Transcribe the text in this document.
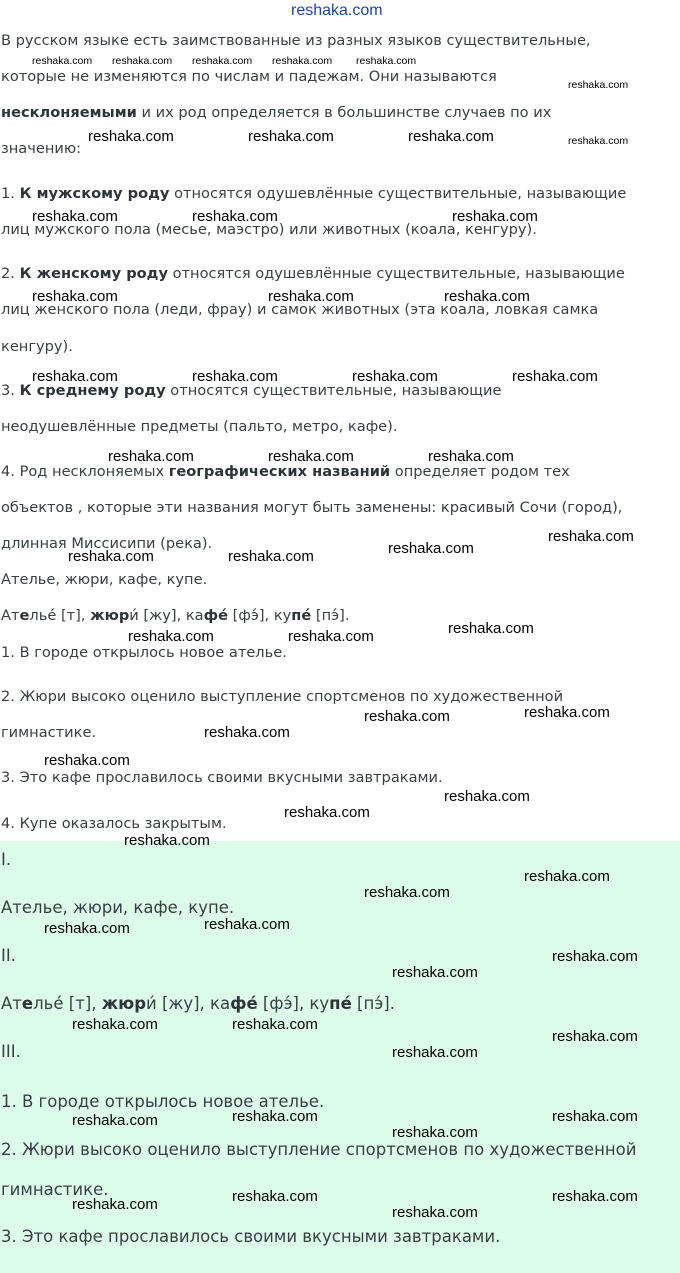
В русском языке есть заимствованные из разных языков существительные,
которые не изменяются по числам и падежам. Они называются
несклоняемыми и их род определяется в большинстве случаев по их
значению:
1. К мужскому роду относятся одушевлённые существительные, называющие
лиц мужского пола (месье, маэстро) или животных (коала, кенгуру).
2. К женскому роду относятся одушевлённые существительные, называющие
лиц женского пола (леди, фрау) и самок животных (эта коала, ловкая самка
кенгуру).
3. К среднему роду относятся существительные, называющие
неодушевлённые предметы (пальто, метро, кафе).
4. Род несклоняемых географических названий определяет родом тех
объектов , которые эти названия могут быть заменены: красивый Сочи (город),
длинная Миссисипи (река).
Ателье, жюри, кафе, купе.
Ателье́ [т], жюри́ [жу], кафе́ [фэ́], купе́ [пэ́].
1. В городе открылось новое ателье.
2. Жюри высоко оценило выступление спортсменов по художественной
гимнастике.
3. Это кафе прославилось своими вкусными завтраками.
4. Купе оказалось закрытым.
I.
Ателье, жюри, кафе, купе.
II.
Ателье́ [т], жюри́ [жу], кафе́ [фэ́], купе́ [пэ́].
III.
1. В городе открылось новое ателье.
2. Жюри высоко оценило выступление спортсменов по художественной
гимнастике.
3. Это кафе прославилось своими вкусными завтраками.
reshaka.com
reshaka.com reshaka.com reshaka.com reshaka.com reshaka.com
reshaka.com
reshaka.com
reshaka.com	reshaka.com	reshaka.com
reshaka.com	reshaka.com	reshaka.com
reshaka.com	reshaka.com	reshaka.com
reshaka.com	reshaka.com	reshaka.com	reshaka.com
reshaka.com	reshaka.com	reshaka.com
reshaka.com
reshaka.com
reshaka.com	reshaka.com
reshaka.com
reshaka.com	reshaka.com
reshaka.com
reshaka.com
reshaka.com
reshaka.com
reshaka.com
reshaka.com
reshaka.com
reshaka.com
reshaka.com
reshaka.com
reshaka.com
reshaka.com
reshaka.com
reshaka.com	reshaka.com
reshaka.com
reshaka.com
reshaka.com	reshaka.com
reshaka.com
reshaka.com
reshaka.com	reshaka.com
reshaka.com	reshaka.com
